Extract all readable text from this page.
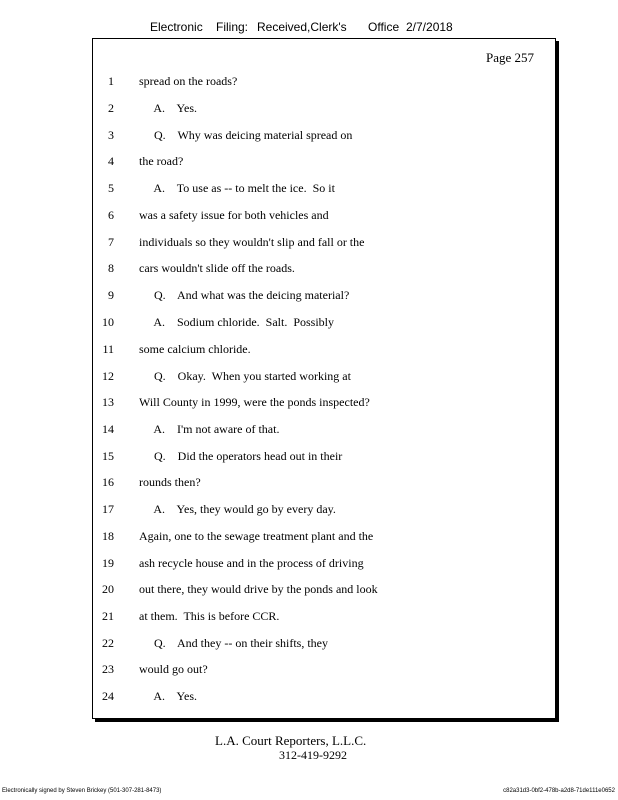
Electronic Filing: Received,Clerk's Office 2/7/2018
Page 257
1 spread on the roads?
2 A.    Yes.
3 Q.    Why was deicing material spread on
4 the road?
5 A.    To use as -- to melt the ice.  So it
6 was a safety issue for both vehicles and
7 individuals so they wouldn't slip and fall or the
8 cars wouldn't slide off the roads.
9 Q.    And what was the deicing material?
10 A.    Sodium chloride.  Salt.  Possibly
11 some calcium chloride.
12 Q.    Okay.  When you started working at
13 Will County in 1999, were the ponds inspected?
14 A.    I'm not aware of that.
15 Q.    Did the operators head out in their
16 rounds then?
17 A.    Yes, they would go by every day.
18 Again, one to the sewage treatment plant and the
19 ash recycle house and in the process of driving
20 out there, they would drive by the ponds and look
21 at them.  This is before CCR.
22 Q.    And they -- on their shifts, they
23 would go out?
24 A.    Yes.
L.A. Court Reporters, L.L.C.
312-419-9292
Electronically signed by Steven Brickey (501-307-281-8473)	c82a31d3-0bf2-478b-a2d8-71de111e0652
